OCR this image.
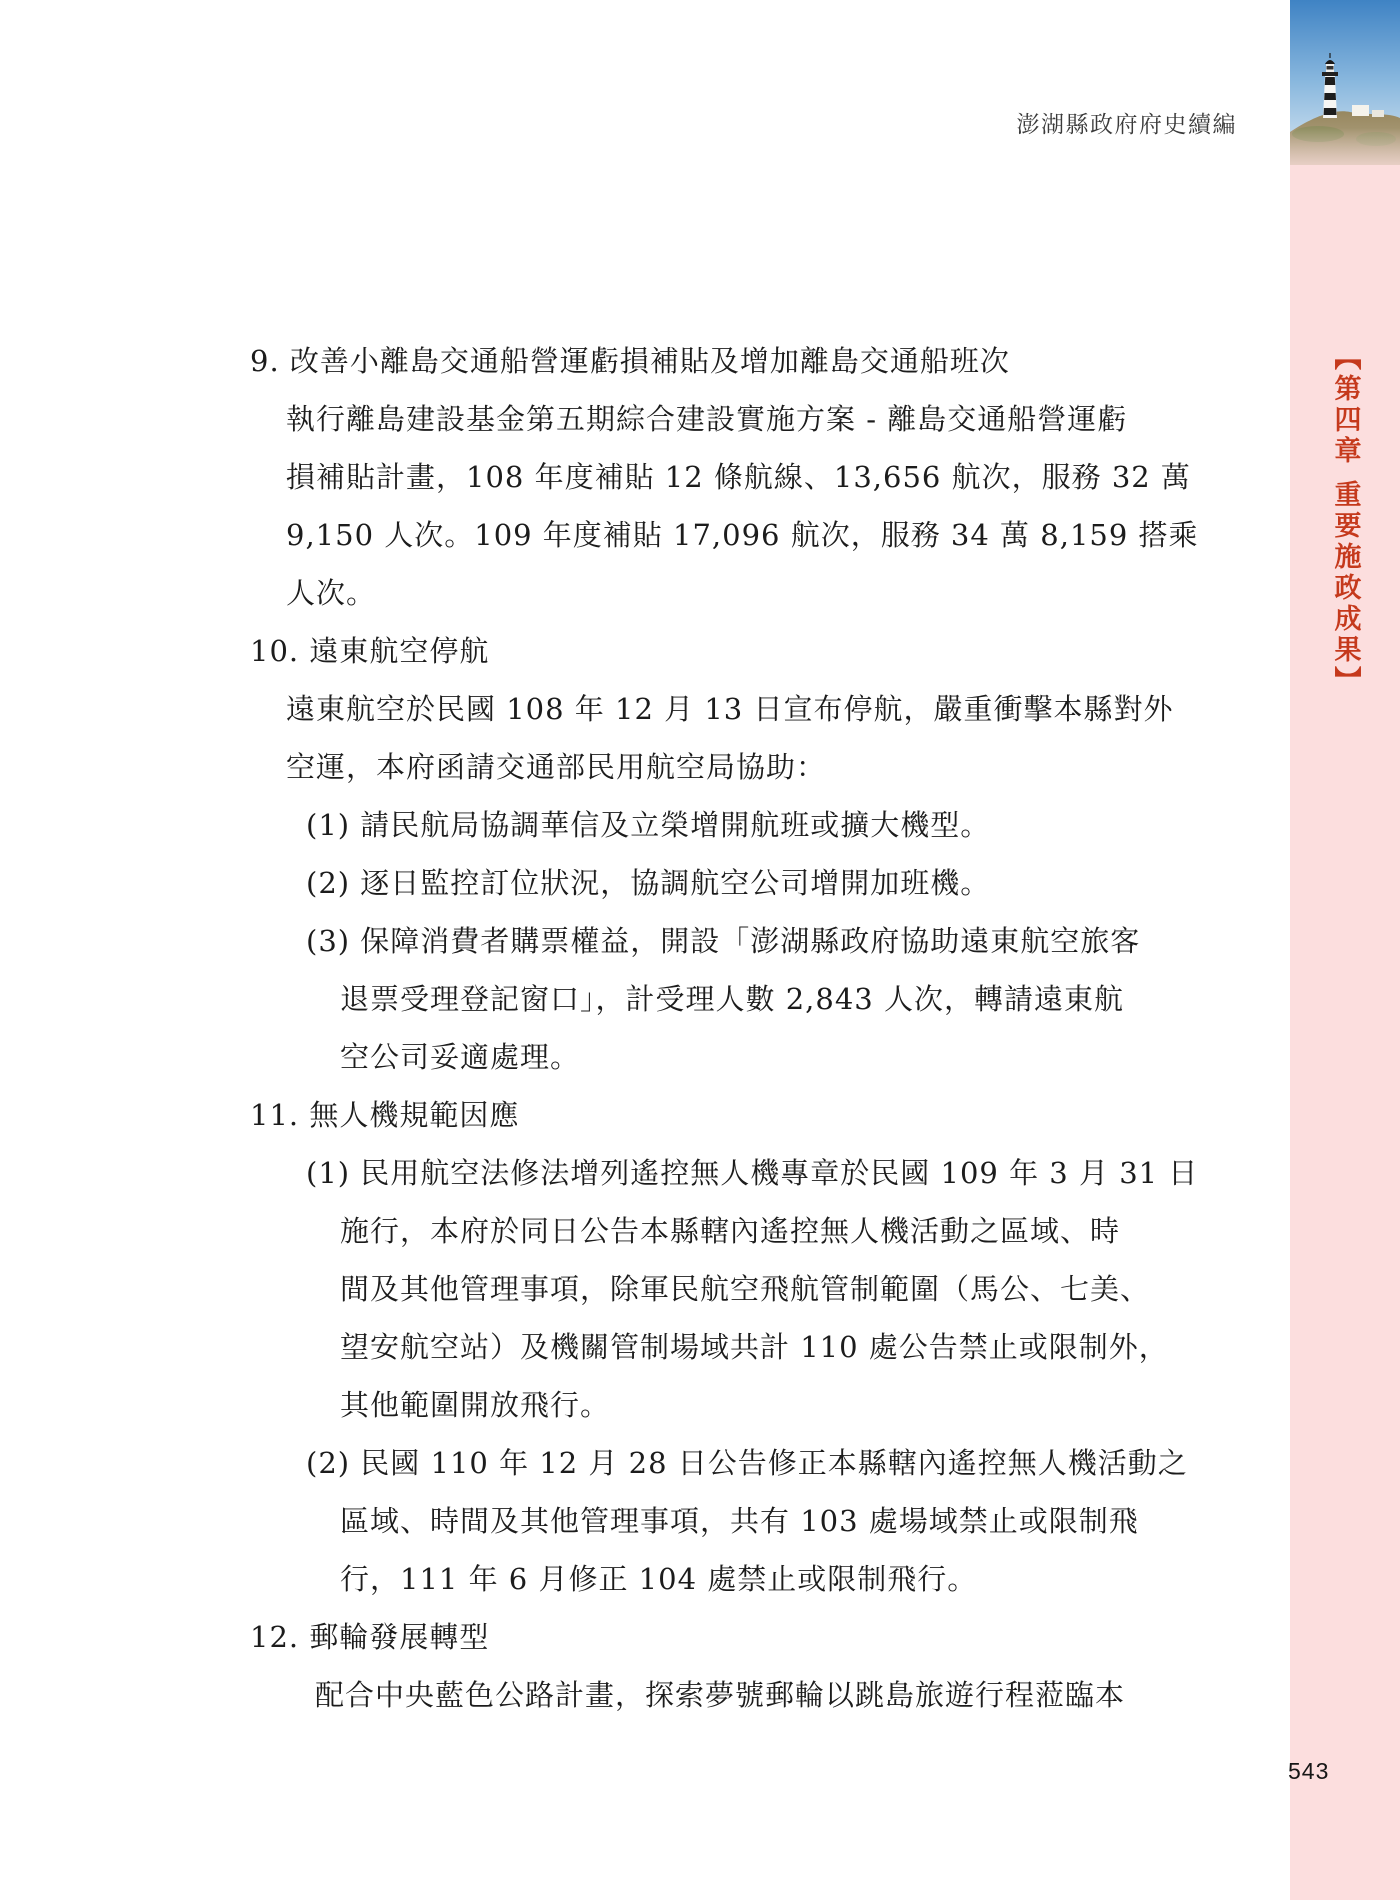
【第四章 重要施政成果】
澎湖縣政府府史續編
543
9. 改善小離島交通船營運虧損補貼及增加離島交通船班次
執行離島建設基金第五期綜合建設實施方案 - 離島交通船營運虧
損補貼計畫，108 年度補貼 12 條航線、13,656 航次，服務 32 萬
9,150 人次。109 年度補貼 17,096 航次，服務 34 萬 8,159 搭乘
人次。
10. 遠東航空停航
遠東航空於民國 108 年 12 月 13 日宣布停航，嚴重衝擊本縣對外
空運，本府函請交通部民用航空局協助：
(1) 請民航局協調華信及立榮增開航班或擴大機型。
(2) 逐日監控訂位狀況，協調航空公司增開加班機。
(3) 保障消費者購票權益，開設「澎湖縣政府協助遠東航空旅客
退票受理登記窗口」，計受理人數 2,843 人次，轉請遠東航
空公司妥適處理。
11. 無人機規範因應
(1) 民用航空法修法增列遙控無人機專章於民國 109 年 3 月 31 日
施行，本府於同日公告本縣轄內遙控無人機活動之區域、時
間及其他管理事項，除軍民航空飛航管制範圍（馬公、七美、
望安航空站）及機關管制場域共計 110 處公告禁止或限制外，
其他範圍開放飛行。
(2) 民國 110 年 12 月 28 日公告修正本縣轄內遙控無人機活動之
區域、時間及其他管理事項，共有 103 處場域禁止或限制飛
行，111 年 6 月修正 104 處禁止或限制飛行。
12. 郵輪發展轉型
配合中央藍色公路計畫，探索夢號郵輪以跳島旅遊行程蒞臨本
